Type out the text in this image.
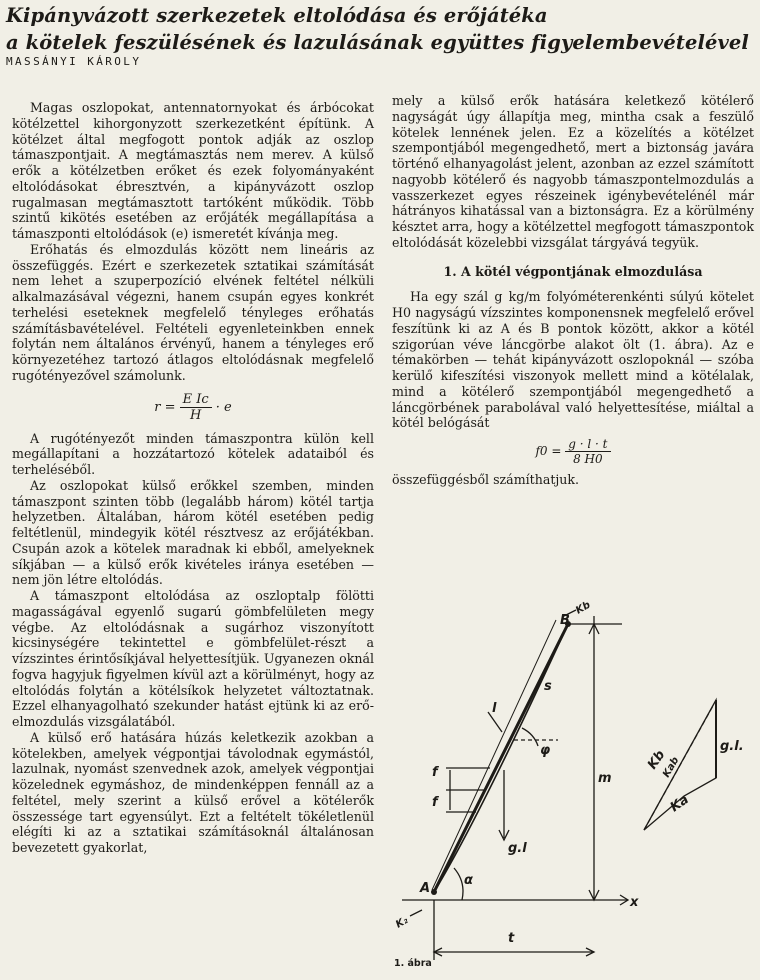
Kipányvázott szerkezetek eltolódása és erőjátéka
a kötelek feszülésének és lazulásának együttes figyelembevételével
MASSÁNYI KÁROLY

Magas oszlopokat, antennatornyokat és árbócokat kötélzettel kihorgonyzott szerkezetként építünk. A kötélzet által megfogott pontok adják az oszlop támaszpontjait. A megtámasztás nem merev. A külső erők a kötélzetben erőket és ezek folyományaként eltolódásokat ébresztvén, a kipányvázott oszlop rugalmasan megtámasztott tartóként működik. Több szintű kikötés esetében az erőjáték megállapítása a támaszponti eltolódások (e) ismeretét kívánja meg.

Erőhatás és elmozdulás között nem lineáris az összefüggés. Ezért e szerkezetek sztatikai számítását nem lehet a szuperpozíció elvének feltétel nélküli alkalmazásával végezni, hanem csupán egyes konkrét terhelési eseteknek megfelelő tényleges erőhatás számításbavételével. Feltételi egyenleteinkben ennek folytán nem általános érvényű, hanem a tényleges erő környezetéhez tartozó átlagos eltolódásnak megfelelő rugótényezővel számolunk.

$r = \frac{\text{E Ic}}{H} \cdot e$

A rugótényezőt minden támaszpontra külön kell megállapítani a hozzátartozó kötelek adataiból és terheléséből.

Az oszlopokat külső erőkkel szemben, minden támaszpont szinten több (legalább három) kötél tartja helyzetben. Általában, három kötél esetében pedig feltétlenül, mindegyik kötél résztvesz az erőjátékban. Csupán azok a kötelek maradnak ki ebből, amelyeknek síkjában — a külső erők kivételes iránya esetében — nem jön létre eltolódás.

A támaszpont eltolódása az oszloptalp fölötti magasságával egyenlő sugarú gömbfelületen megy végbe. Az eltolódásnak a sugárhoz viszonyított kicsinységére tekintettel e gömbfelület-részt a vízszintes érintősíkjával helyettesítjük. Ugyanezen oknál fogva hagyjuk figyelmen kívül azt a körülményt, hogy az eltolódás folytán a kötélsíkok helyzetet változtatnak. Ezzel elhanyagolható szekunder hatást ejtünk ki az erő-elmozdulás vizsgálatából.

A külső erő hatására húzás keletkezik azokban a kötelekben, amelyek végpontjai távolodnak egymástól, lazulnak, nyomást szenvednek azok, amelyek végpontjai közelednek egymáshoz, de mindenképpen fennáll az a feltétel, mely szerint a külső erővel a kötélerők összessége tart egyensúlyt. Ezt a feltételt tökéletlenül elégíti ki az a sztatikai számításoknál általánosan bevezetett gyakorlat,

mely a külső erők hatására keletkező kötélerő nagyságát úgy állapítja meg, mintha csak a feszülő kötelek lennének jelen. Ez a közelítés a kötélzet szempontjából megengedhető, mert a biztonság javára történő elhanyagolást jelent, azonban az ezzel számított nagyobb kötélerő és nagyobb támaszpontelmozdulás a vasszerkezet egyes részeinek igénybevételénél már hátrányos kihatással van a biztonságra. Ez a körülmény késztet arra, hogy a kötélzettel megfogott támaszpontok eltolódását közelebbi vizsgálat tárgyává tegyük.

1. A kötél végpontjának elmozdulása

Ha egy szál g kg/m folyóméterenkénti súlyú kötelet H0 nagyságú vízszintes komponensnek megfelelő erővel feszítünk ki az A és B pontok között, akkor a kötél szigorúan véve láncgörbe alakot ölt (1. ábra). Az e témakörben — tehát kipányvázott oszlopoknál — szóba kerülő kifeszítési viszonyok mellett mind a kötélalak, mind a kötélerő szempontjából megengedhető a láncgörbének parabolával való helyettesítése, miáltal a kötél belógását

$f0 = \frac{g \cdot l \cdot t}{8 H0}$

összefüggésből számíthatjuk.

B
A
x
l
s
φ
f
f
g.l
m
t
α
g.l.
Kb
Ka
Kab
Kb
K₂
1. ábra
